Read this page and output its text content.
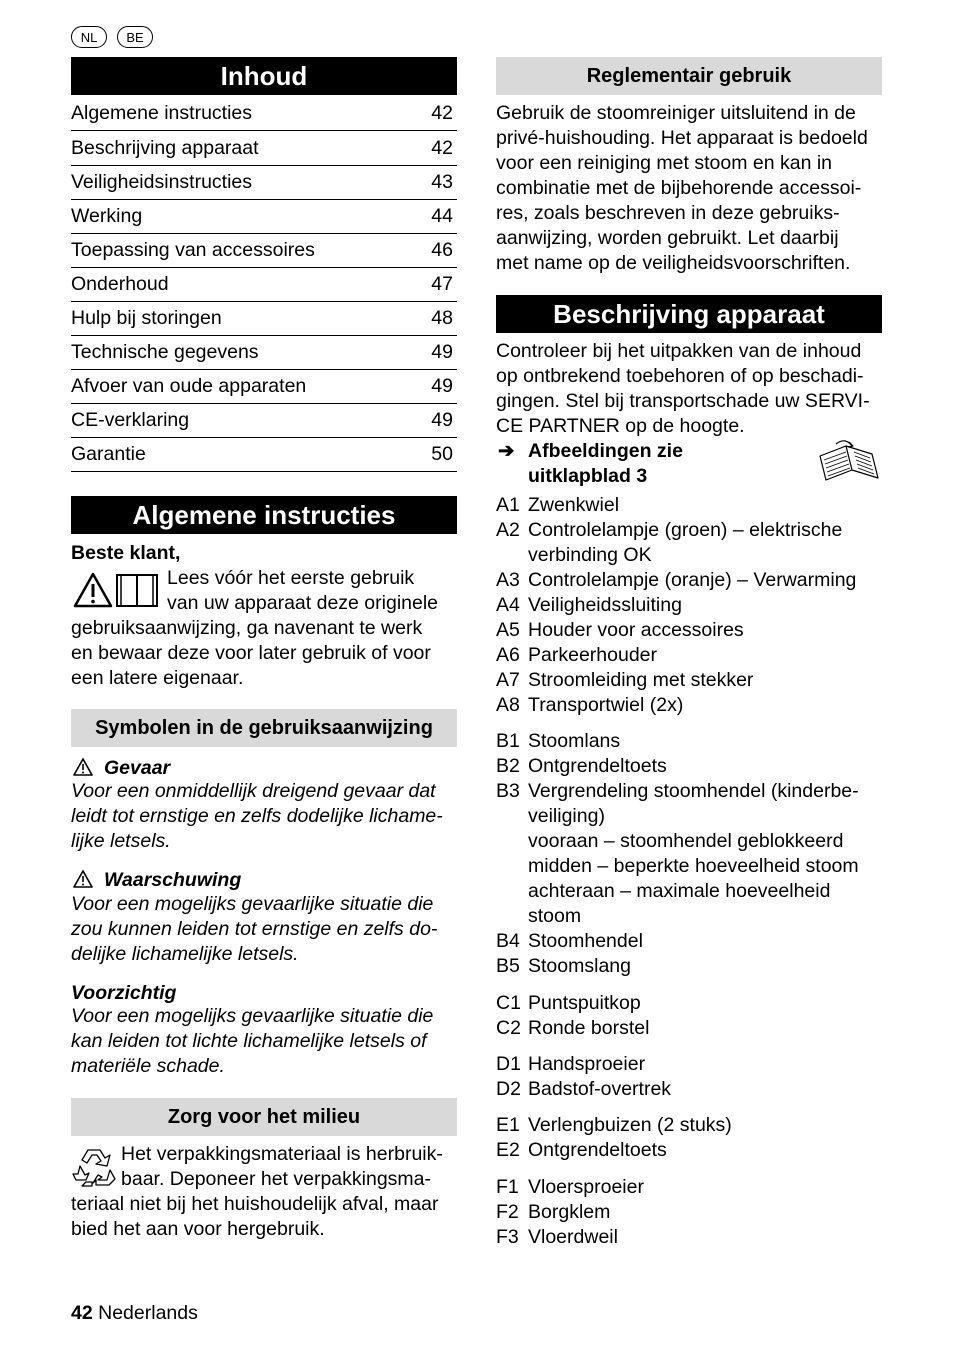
NL	BE
Inhoud
Algemene instructies	42
Beschrijving apparaat	42
Veiligheidsinstructies	43
Werking	44
Toepassing van accessoires	46
Onderhoud	47
Hulp bij storingen	48
Technische gegevens	49
Afvoer van oude apparaten	49
CE-verklaring	49
Garantie	50
Algemene instructies
Beste klant,
Lees vóór het eerste gebruik
van uw apparaat deze originele
gebruiksaanwijzing, ga navenant te werk
en bewaar deze voor later gebruik of voor
een latere eigenaar.
Symbolen in de gebruiksaanwijzing
Gevaar
Voor een onmiddellijk dreigend gevaar dat
leidt tot ernstige en zelfs dodelijke lichame-
lijke letsels.
Waarschuwing
Voor een mogelijks gevaarlijke situatie die
zou kunnen leiden tot ernstige en zelfs do-
delijke lichamelijke letsels.
Voorzichtig
Voor een mogelijks gevaarlijke situatie die
kan leiden tot lichte lichamelijke letsels of
materiële schade.
Zorg voor het milieu
Het verpakkingsmateriaal is herbruik-
baar. Deponeer het verpakkingsma-
teriaal niet bij het huishoudelijk afval, maar
bied het aan voor hergebruik.
42 Nederlands
Reglementair gebruik
Gebruik de stoomreiniger uitsluitend in de
privé-huishouding. Het apparaat is bedoeld
voor een reiniging met stoom en kan in
combinatie met de bijbehorende accessoi-
res, zoals beschreven in deze gebruiks-
aanwijzing, worden gebruikt. Let daarbij
met name op de veiligheidsvoorschriften.
Beschrijving apparaat
Controleer bij het uitpakken van de inhoud
op ontbrekend toebehoren of op beschadi-
gingen. Stel bij transportschade uw SERVI-
CE PARTNER op de hoogte.
➔ Afbeeldingen zie
uitklapblad 3
A1 Zwenkwiel
A2 Controlelampje (groen) – elektrische
verbinding OK
A3 Controlelampje (oranje) – Verwarming
A4 Veiligheidssluiting
A5 Houder voor accessoires
A6 Parkeerhouder
A7 Stroomleiding met stekker
A8 Transportwiel (2x)
B1 Stoomlans
B2 Ontgrendeltoets
B3 Vergrendeling stoomhendel (kinderbe-
veiliging)
vooraan – stoomhendel geblokkeerd
midden – beperkte hoeveelheid stoom
achteraan – maximale hoeveelheid
stoom
B4 Stoomhendel
B5 Stoomslang
C1 Puntspuitkop
C2 Ronde borstel
D1 Handsproeier
D2 Badstof-overtrek
E1 Verlengbuizen (2 stuks)
E2 Ontgrendeltoets
F1 Vloersproeier
F2 Borgklem
F3 Vloerdweil
